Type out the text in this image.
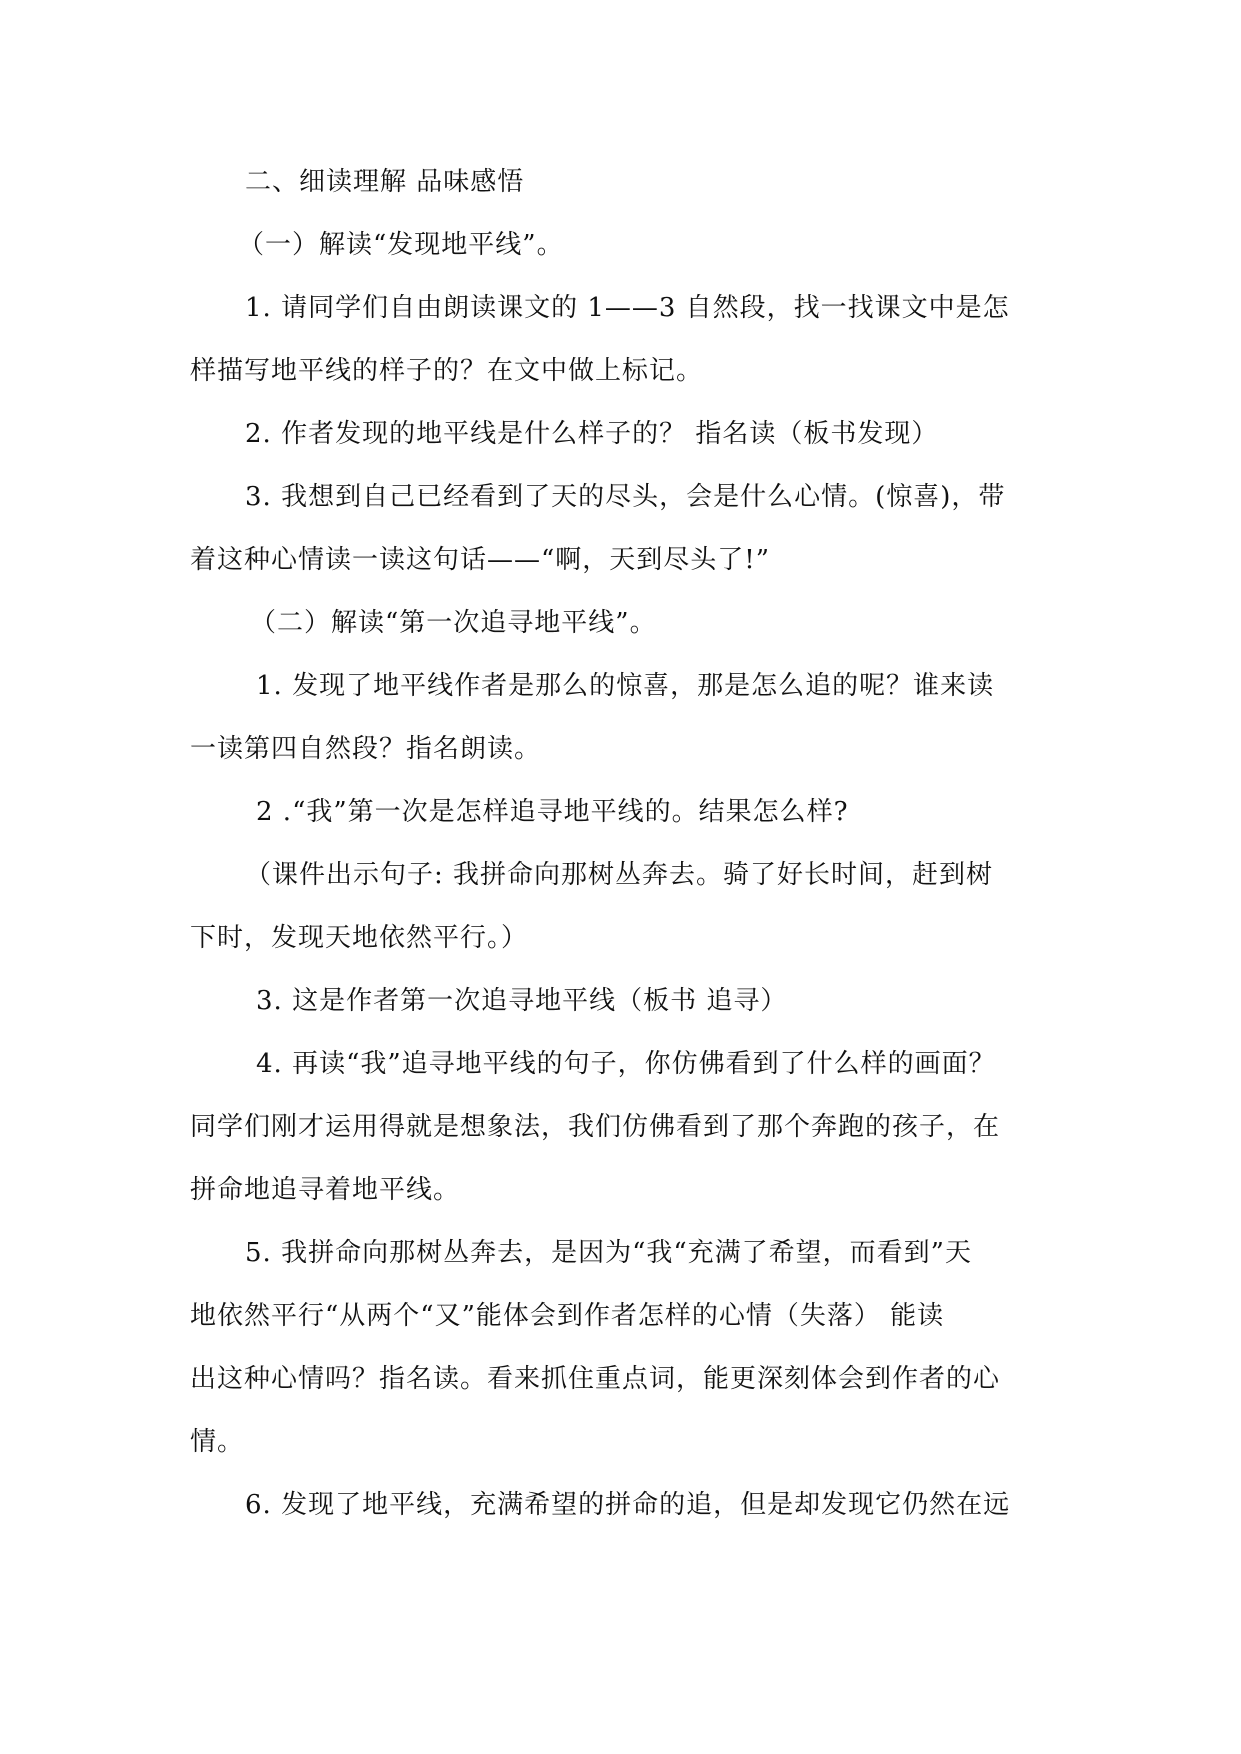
二、细读理解 品味感悟
（一）解读“发现地平线”。
1. 请同学们自由朗读课文的 1——3 自然段，找一找课文中是怎
样描写地平线的样子的？在文中做上标记。
2. 作者发现的地平线是什么样子的？ 指名读（板书发现）
3. 我想到自己已经看到了天的尽头，会是什么心情。(惊喜)，带
着这种心情读一读这句话——“啊，天到尽头了!”
（二）解读“第一次追寻地平线”。
1. 发现了地平线作者是那么的惊喜，那是怎么追的呢？谁来读
一读第四自然段？指名朗读。
2 .“我”第一次是怎样追寻地平线的。结果怎么样?
（课件出示句子: 我拼命向那树丛奔去。骑了好长时间，赶到树
下时，发现天地依然平行。）
3. 这是作者第一次追寻地平线（板书 追寻）
4. 再读“我”追寻地平线的句子，你仿佛看到了什么样的画面？
同学们刚才运用得就是想象法，我们仿佛看到了那个奔跑的孩子，在
拼命地追寻着地平线。
5. 我拼命向那树丛奔去，是因为“我“充满了希望，而看到”天
地依然平行“从两个“又”能体会到作者怎样的心情（失落） 能读
出这种心情吗？指名读。看来抓住重点词，能更深刻体会到作者的心
情。
6. 发现了地平线，充满希望的拼命的追，但是却发现它仍然在远
